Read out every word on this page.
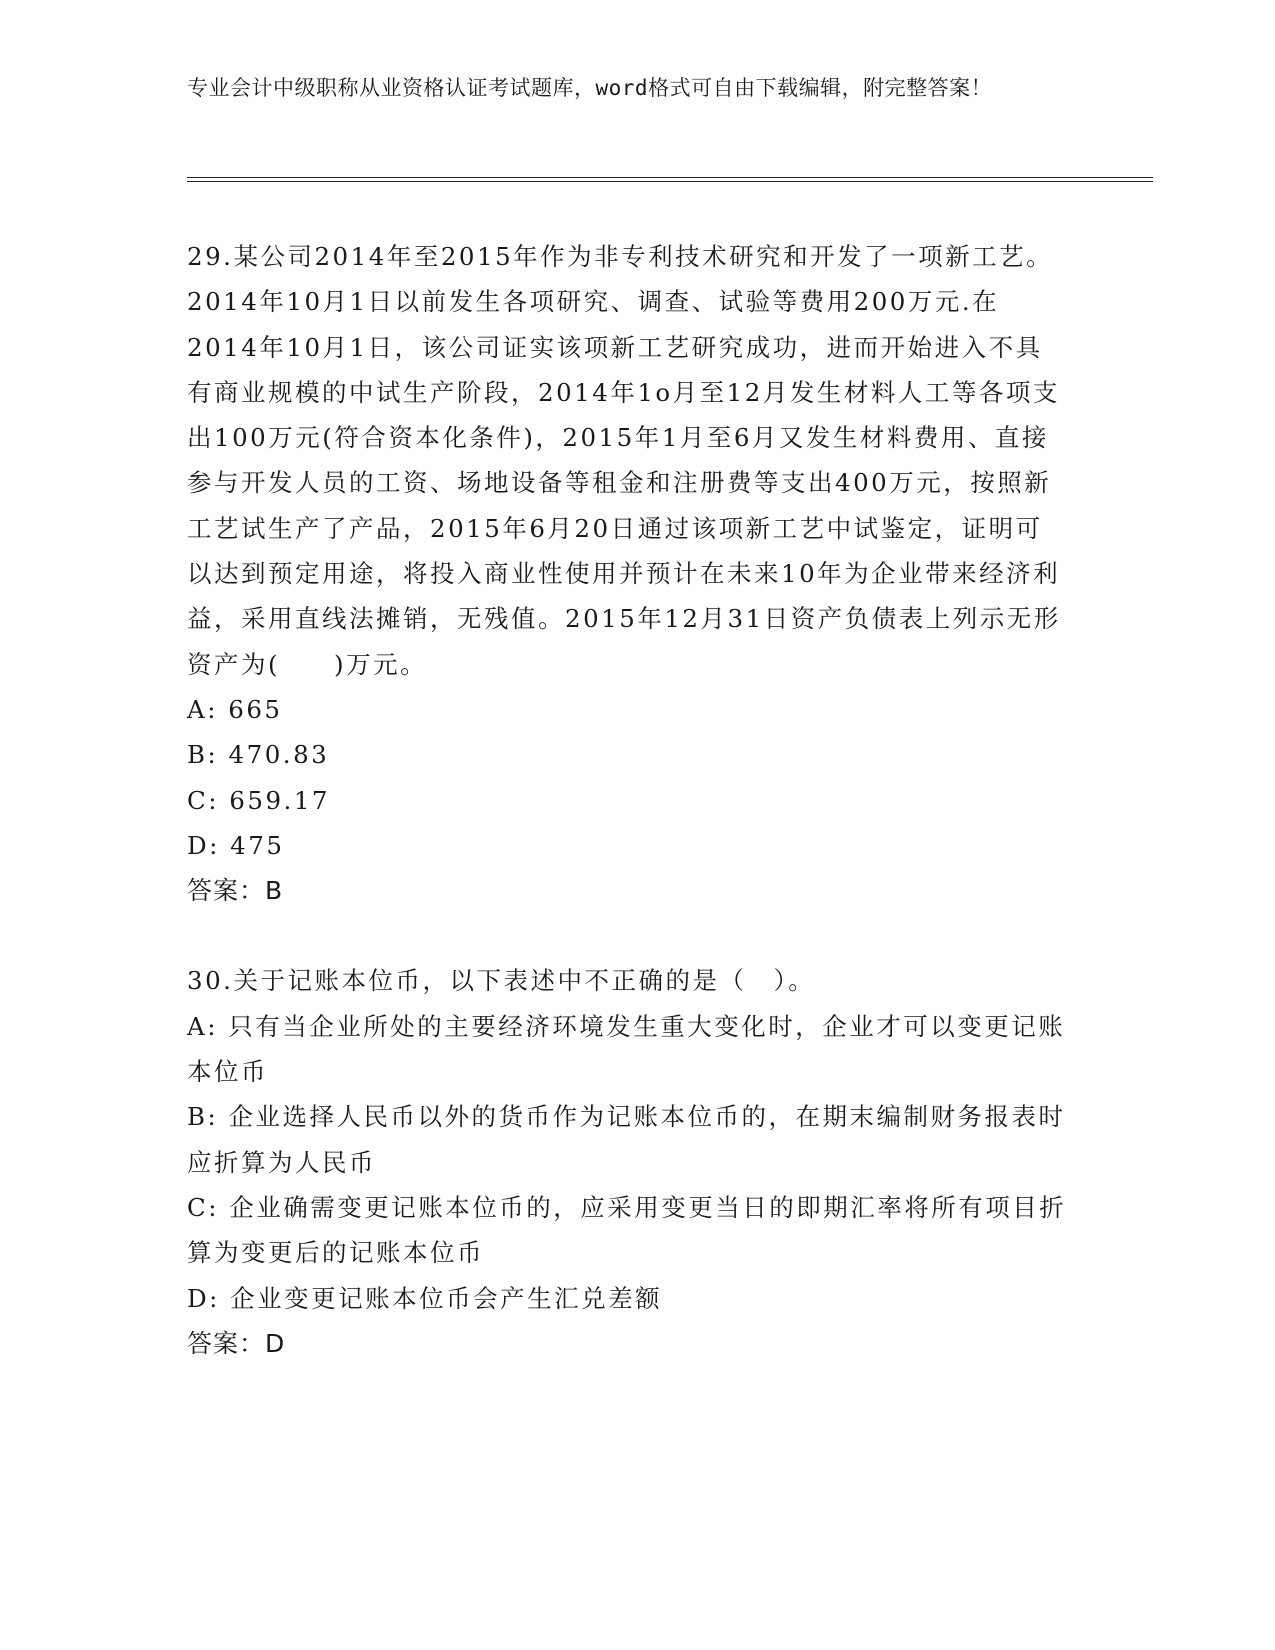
专业会计中级职称从业资格认证考试题库，word格式可自由下载编辑，附完整答案！

29.某公司2014年至2015年作为非专利技术研究和开发了一项新工艺。2014年10月1日以前发生各项研究、调查、试验等费用200万元.在2014年10月1日，该公司证实该项新工艺研究成功，进而开始进入不具有商业规模的中试生产阶段，2014年1o月至12月发生材料人工等各项支出100万元(符合资本化条件)，2015年1月至6月又发生材料费用、直接参与开发人员的工资、场地设备等租金和注册费等支出400万元，按照新工艺试生产了产品，2015年6月20日通过该项新工艺中试鉴定，证明可以达到预定用途，将投入商业性使用并预计在未来10年为企业带来经济利益，采用直线法摊销，无残值。2015年12月31日资产负债表上列示无形资产为(　　)万元。

A: 665
B: 470.83
C: 659.17
D: 475
答案：B

30.关于记账本位币，以下表述中不正确的是（　）。

A: 只有当企业所处的主要经济环境发生重大变化时，企业才可以变更记账本位币
B: 企业选择人民币以外的货币作为记账本位币的，在期末编制财务报表时应折算为人民币
C: 企业确需变更记账本位币的，应采用变更当日的即期汇率将所有项目折算为变更后的记账本位币
D: 企业变更记账本位币会产生汇兑差额
答案：D
